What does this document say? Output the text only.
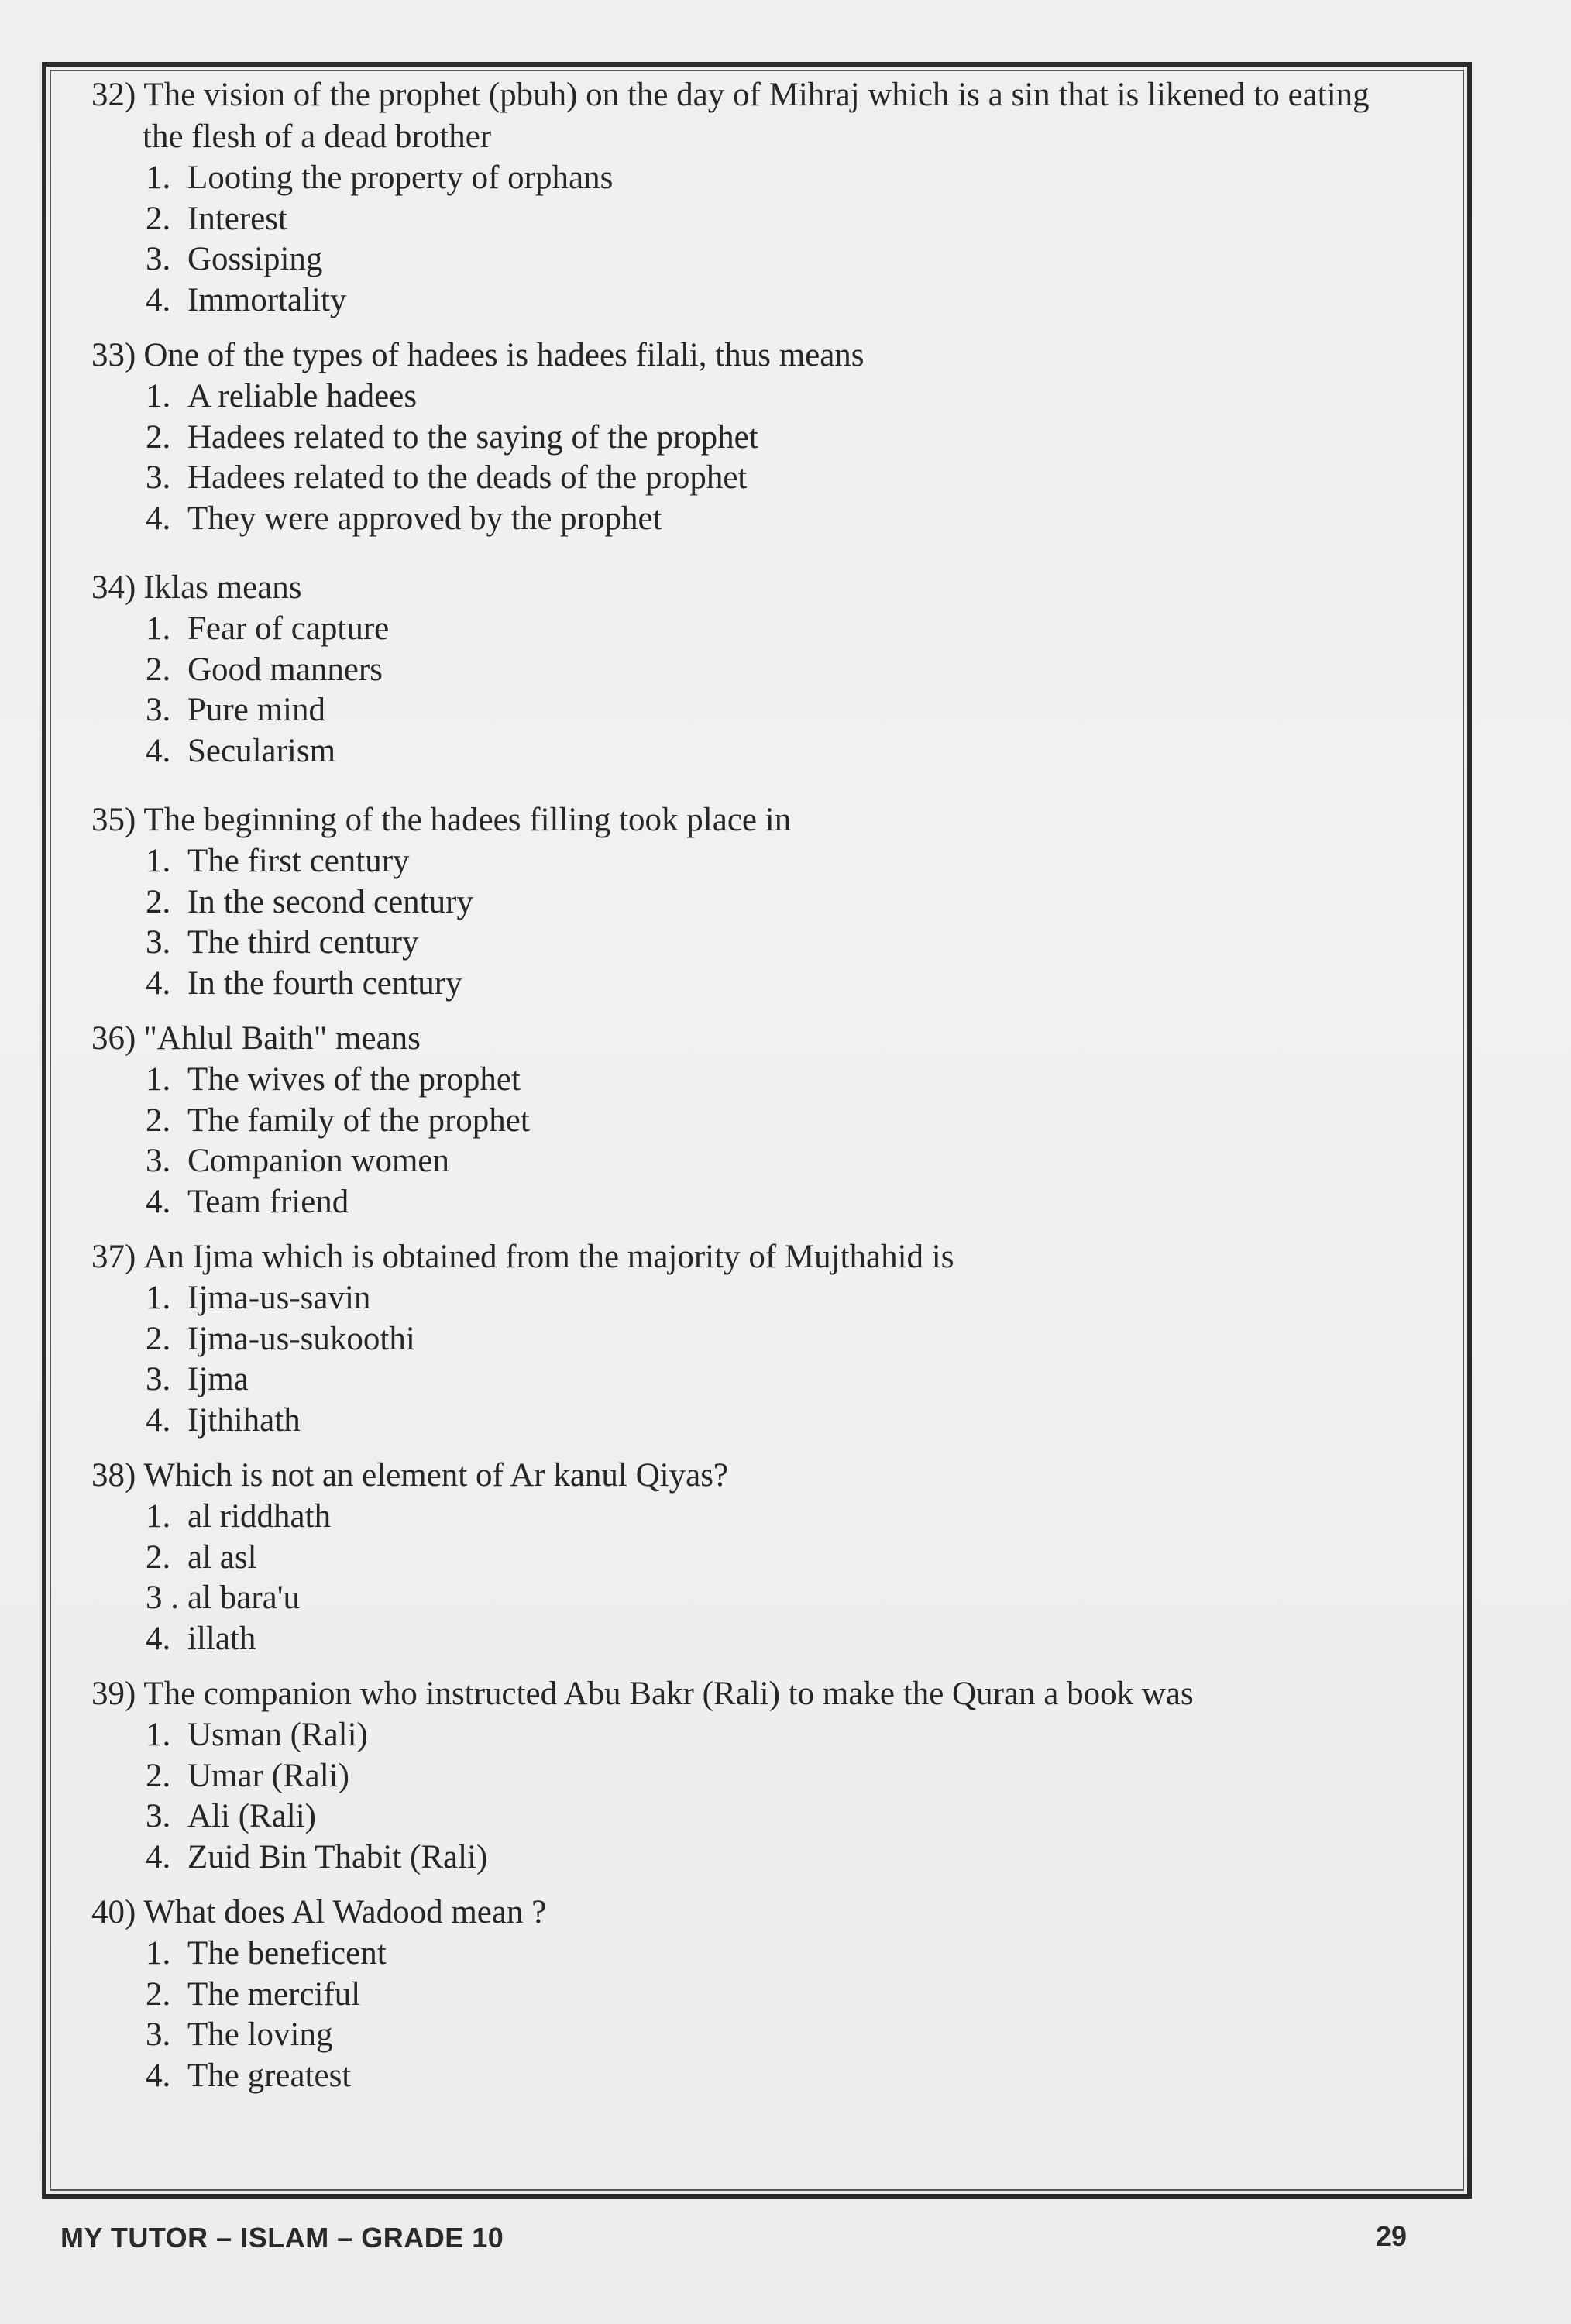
32) The vision of the prophet (pbuh) on the day of Mihraj which is a sin that is likened to eating
the flesh of a dead brother
1. Looting the property of orphans
2. Interest
3. Gossiping
4. Immortality
33) One of the types of hadees is hadees filali, thus means
1. A reliable hadees
2. Hadees related to the saying of the prophet
3. Hadees related to the deads of the prophet
4. They were approved by the prophet
34) Iklas means
1. Fear of capture
2. Good manners
3. Pure mind
4. Secularism
35) The beginning of the hadees filling took place in
1. The first century
2. In the second century
3. The third century
4. In the fourth century
36) "Ahlul Baith" means
1. The wives of the prophet
2. The family of the prophet
3. Companion women
4. Team friend
37) An Ijma which is obtained from the majority of Mujthahid is
1. Ijma-us-savin
2. Ijma-us-sukoothi
3. Ijma
4. Ijthihath
38) Which is not an element of Ar kanul Qiyas?
1. al riddhath
2. al asl
3 . al bara'u
4. illath
39) The companion who instructed Abu Bakr (Rali) to make the Quran a book was
1. Usman (Rali)
2. Umar (Rali)
3. Ali (Rali)
4. Zuid Bin Thabit (Rali)
40) What does Al Wadood mean ?
1. The beneficent
2. The merciful
3. The loving
4. The greatest
MY TUTOR – ISLAM – GRADE 10	29
